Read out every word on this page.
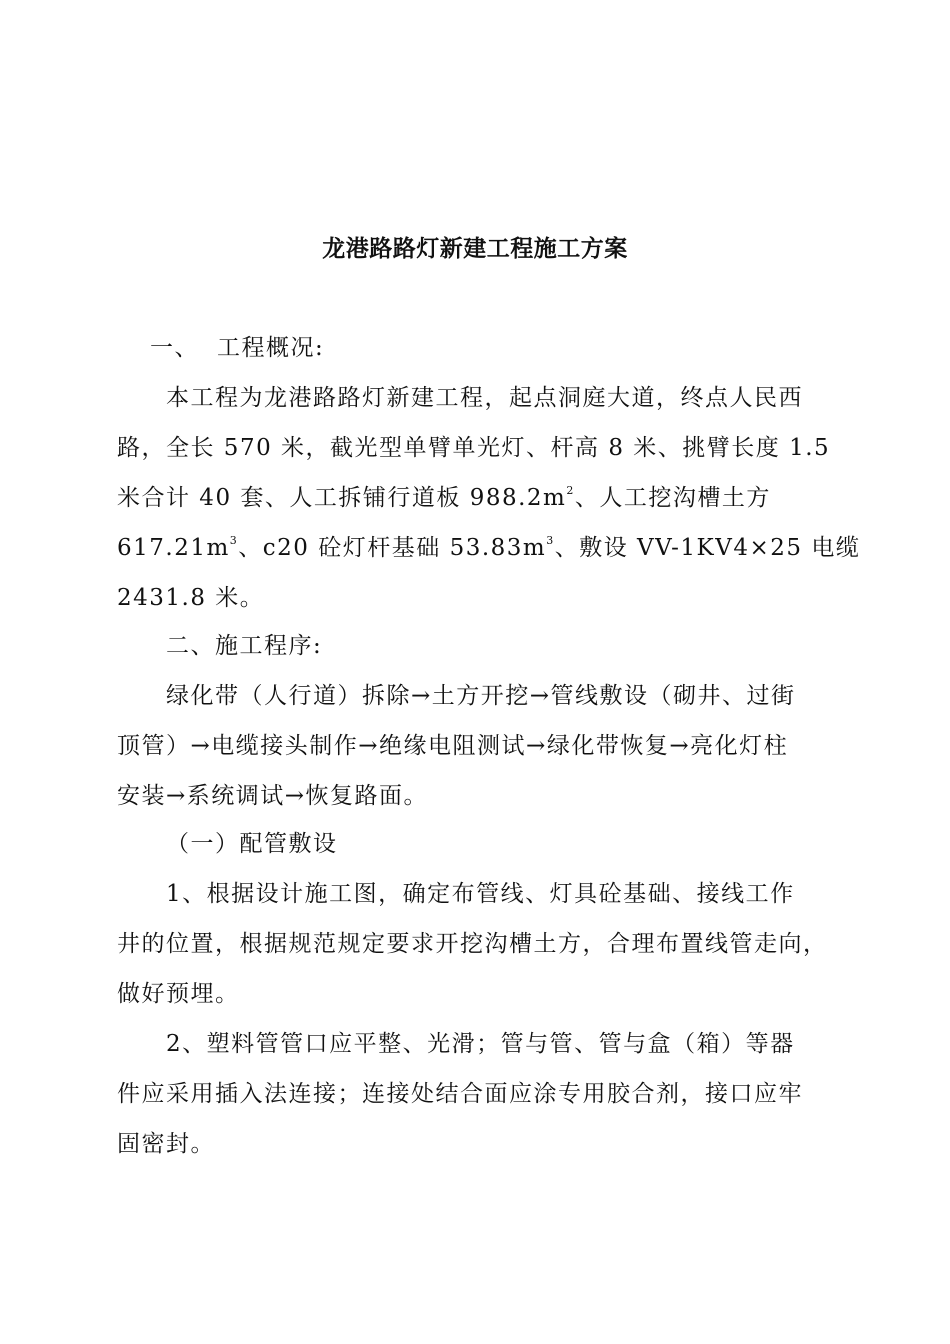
龙港路路灯新建工程施工方案
一、 工程概况:
本工程为龙港路路灯新建工程，起点洞庭大道，终点人民西
路，全长 570 米，截光型单臂单光灯、杆高 8 米、挑臂长度 1.5
米合计 40 套、人工拆铺行道板 $988.2m^2$、人工挖沟槽土方
$617.21m^3$、c20 砼灯杆基础 $53.83m^3$、敷设 VV-1KV4×25 电缆
2431.8 米。
二、施工程序:
绿化带（人行道）拆除→土方开挖→管线敷设（砌井、过街
顶管）→电缆接头制作→绝缘电阻测试→绿化带恢复→亮化灯柱
安装→系统调试→恢复路面。
（一）配管敷设
1、根据设计施工图，确定布管线、灯具砼基础、接线工作
井的位置，根据规范规定要求开挖沟槽土方，合理布置线管走向，
做好预埋。
2、塑料管管口应平整、光滑；管与管、管与盒（箱）等器
件应采用插入法连接；连接处结合面应涂专用胶合剂，接口应牢
固密封。
